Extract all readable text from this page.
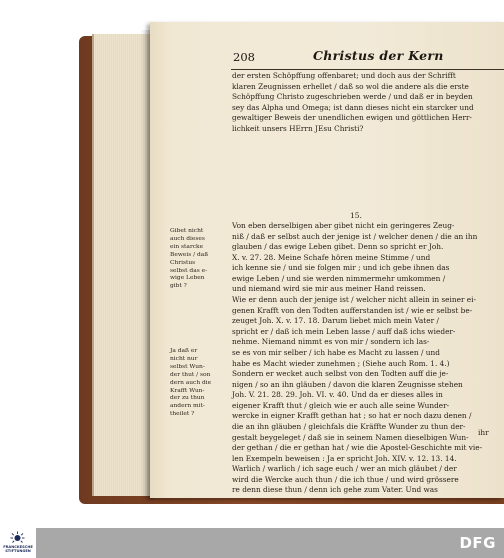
208	Christus der Kern
der ersten Schöpffung offenbaret; und doch aus der Schrifft
klaren Zeugnissen erhellet / daß so wol die andere als die erste
Schöpffung Christo zugeschrieben werde / und daß er in beyden
sey das Alpha und Omega; ist dann dieses nicht ein starcker und
gewaltiger Beweis der unendlichen ewigen und göttlichen Herr-
lichkeit unsers HErrn JEsu Christi?
15.
Von eben derselbigen aber gibet nicht ein geringeres Zeug-
niß / daß er selbst auch der jenige ist / welcher denen / die an ihn
glauben / das ewige Leben gibet. Denn so spricht er Joh.
X. v. 27. 28. Meine Schafe hören meine Stimme / und
ich kenne sie / und sie folgen mir ; und ich gebe ihnen das
ewige Leben / und sie werden nimmermehr umkommen /
und niemand wird sie mir aus meiner Hand reissen.
Wie er denn auch der jenige ist / welcher nicht allein in seiner ei-
genen Krafft von den Todten aufferstanden ist / wie er selbst be-
zeuget Joh. X. v. 17. 18. Darum liebet mich mein Vater /
spricht er / daß ich mein Leben lasse / auff daß ichs wieder-
nehme. Niemand nimmt es von mir / sondern ich las-
se es von mir selber / ich habe es Macht zu lassen / und
habe es Macht wieder zunehmen ; (Siehe auch Rom. 1. 4.)
Sondern er wecket auch selbst von den Todten auff die je-
nigen / so an ihn gläuben / davon die klaren Zeugnisse stehen
Joh. V. 21. 28. 29. Joh. VI. v. 40. Und da er dieses alles in
eigener Krafft thut / gleich wie er auch alle seine Wunder-
wercke in eigner Krafft gethan hat ; so hat er noch dazu denen /
die an ihn gläuben / gleichfals die Kräffte Wunder zu thun der-
gestalt beygeleget / daß sie in seinem Namen dieselbigen Wun-
der gethan / die er gethan hat / wie die Apostel-Geschichte mit vie-
len Exempeln beweisen : Ja er spricht Joh. XIV. v. 12. 13. 14.
Warlich / warlich / ich sage euch / wer an mich gläubet / der
wird die Wercke auch thun / die ich thue / und wird grössere
re denn diese thun / denn ich gehe zum Vater. Und was
Gibet nicht
auch dieses
ein starcke
Beweis / daß
Christus
selbst das e-
wige Leben
gibt ?
Ja daß er
nicht nur
selbst Wun-
der thut / son
dern auch die
Krafft Wun-
der zu thun
andern mit-
theilet ?
ihr
FRANCKESCHE
STIFTUNGEN	DFG
